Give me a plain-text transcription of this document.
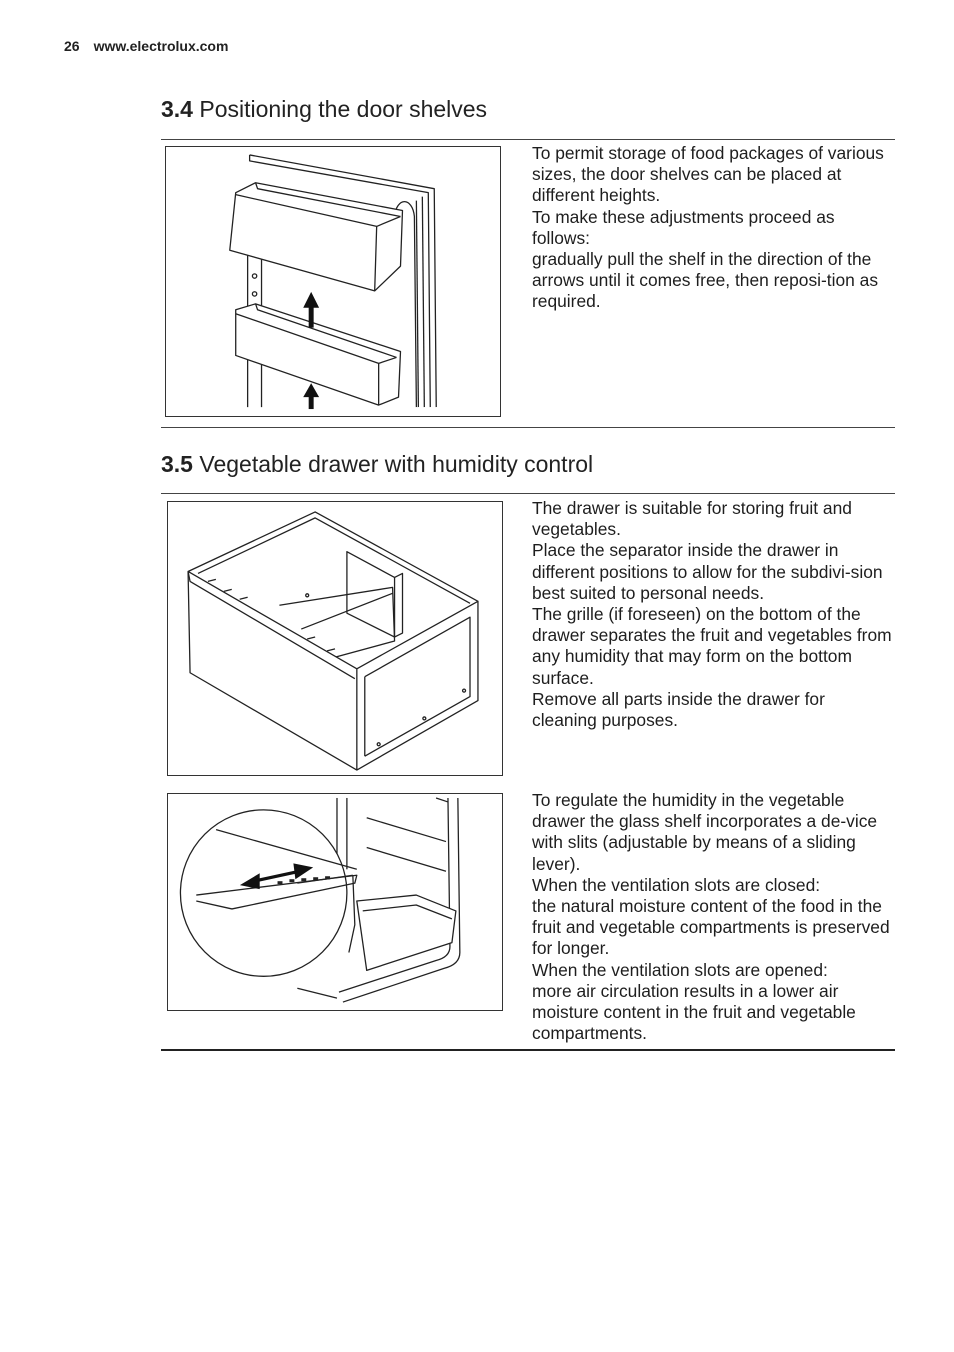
26 www.electrolux.com
3.4 Positioning the door shelves

To permit storage of food packages of various sizes, the door shelves can be placed at different heights.

To make these adjustments proceed as follows:

gradually pull the shelf in the direction of the arrows until it comes free, then reposi-tion as required.

3.5 Vegetable drawer with humidity control

The drawer is suitable for storing fruit and vegetables.

Place the separator inside the drawer in different positions to allow for the subdivi-sion best suited to personal needs.

The grille (if foreseen) on the bottom of the drawer separates the fruit and vegetables from any humidity that may form on the bottom surface.

Remove all parts inside the drawer for cleaning purposes.

To regulate the humidity in the vegetable drawer the glass shelf incorporates a de-vice with slits (adjustable by means of a sliding lever).

When the ventilation slots are closed:

the natural moisture content of the food in the fruit and vegetable compartments is preserved for longer.

When the ventilation slots are opened:

more air circulation results in a lower air moisture content in the fruit and vegetable compartments.
